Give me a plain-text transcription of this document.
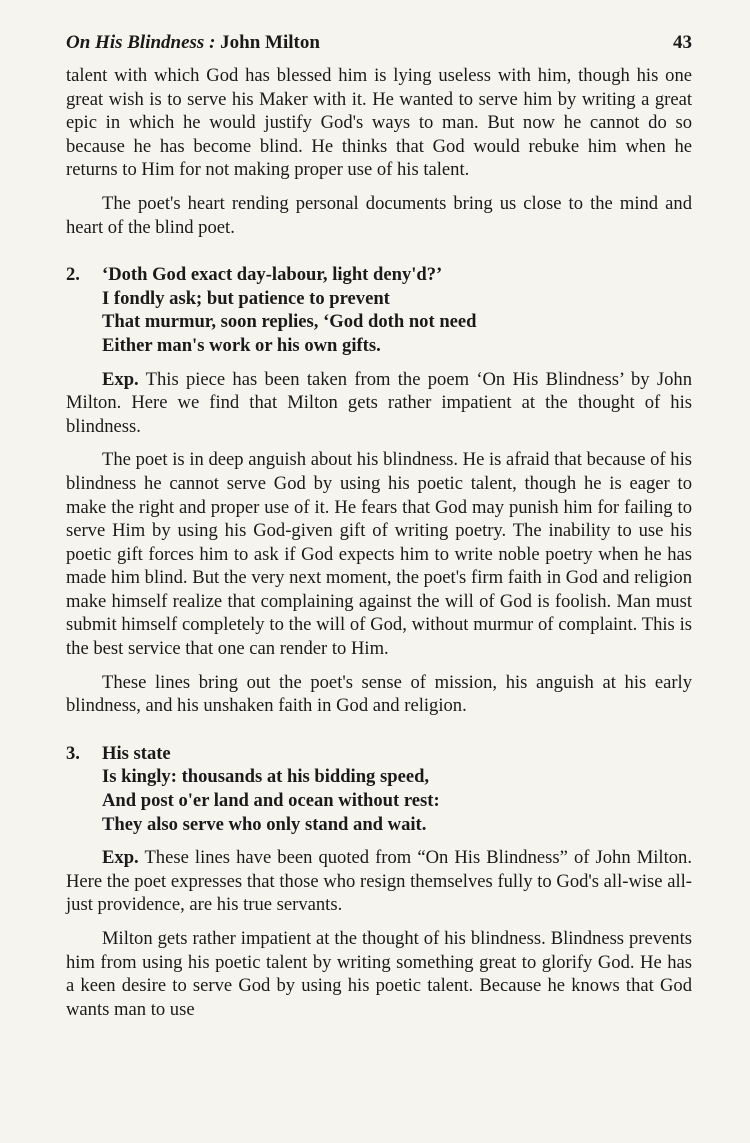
On His Blindness : John Milton	43

talent with which God has blessed him is lying useless with him, though his one great wish is to serve his Maker with it. He wanted to serve him by writing a great epic in which he would justify God's ways to man. But now he cannot do so because he has become blind. He thinks that God would rebuke him when he returns to Him for not making proper use of his talent.

The poet's heart rending personal documents bring us close to the mind and heart of the blind poet.

2.	‘Doth God exact day-labour, light deny'd?’
I fondly ask; but patience to prevent
That murmur, soon replies, ‘God doth not need
Either man's work or his own gifts.

Exp. This piece has been taken from the poem ‘On His Blindness’ by John Milton. Here we find that Milton gets rather impatient at the thought of his blindness.

The poet is in deep anguish about his blindness. He is afraid that because of his blindness he cannot serve God by using his poetic talent, though he is eager to make the right and proper use of it. He fears that God may punish him for failing to serve Him by using his God-given gift of writing poetry. The inability to use his poetic gift forces him to ask if God expects him to write noble poetry when he has made him blind. But the very next moment, the poet's firm faith in God and religion make himself realize that complaining against the will of God is foolish. Man must submit himself completely to the will of God, without murmur of complaint. This is the best service that one can render to Him.

These lines bring out the poet's sense of mission, his anguish at his early blindness, and his unshaken faith in God and religion.

3.	His state
Is kingly: thousands at his bidding speed,
And post o'er land and ocean without rest:
They also serve who only stand and wait.

Exp. These lines have been quoted from “On His Blindness” of John Milton. Here the poet expresses that those who resign themselves fully to God's all-wise all-just providence, are his true servants.

Milton gets rather impatient at the thought of his blindness. Blindness prevents him from using his poetic talent by writing something great to glorify God. He has a keen desire to serve God by using his poetic talent. Because he knows that God wants man to use
